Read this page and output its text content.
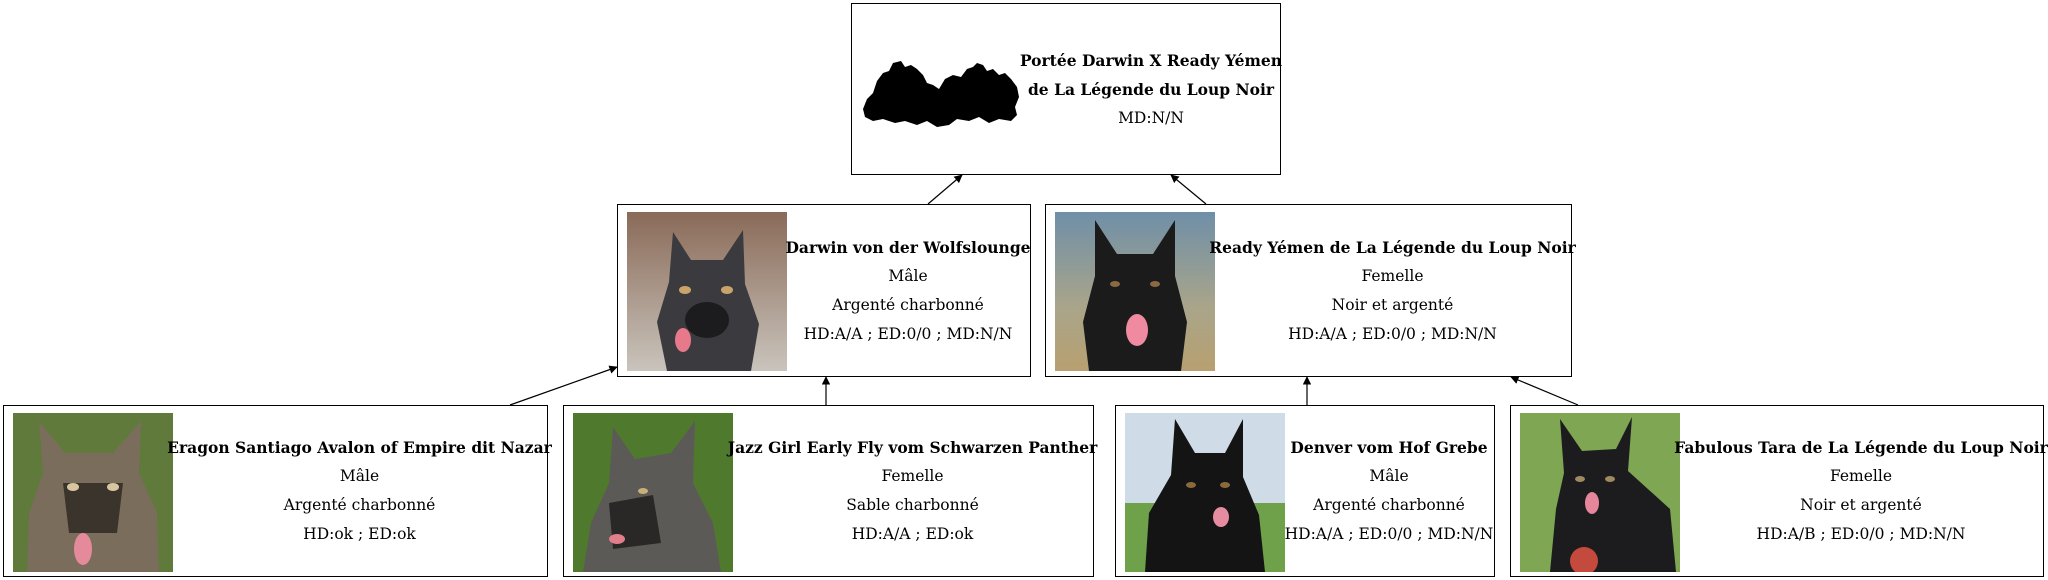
Portée Darwin X Ready Yémen
de La Légende du Loup Noir
MD:N/N
Darwin von der Wolfslounge
Mâle
Argenté charbonné
HD:A/A ; ED:0/0 ; MD:N/N
Ready Yémen de La Légende du Loup Noir
Femelle
Noir et argenté
HD:A/A ; ED:0/0 ; MD:N/N
Eragon Santiago Avalon of Empire dit Nazar
Mâle
Argenté charbonné
HD:ok ; ED:ok
Jazz Girl Early Fly vom Schwarzen Panther
Femelle
Sable charbonné
HD:A/A ; ED:ok
Denver vom Hof Grebe
Mâle
Argenté charbonné
HD:A/A ; ED:0/0 ; MD:N/N
Fabulous Tara de La Légende du Loup Noir
Femelle
Noir et argenté
HD:A/B ; ED:0/0 ; MD:N/N
